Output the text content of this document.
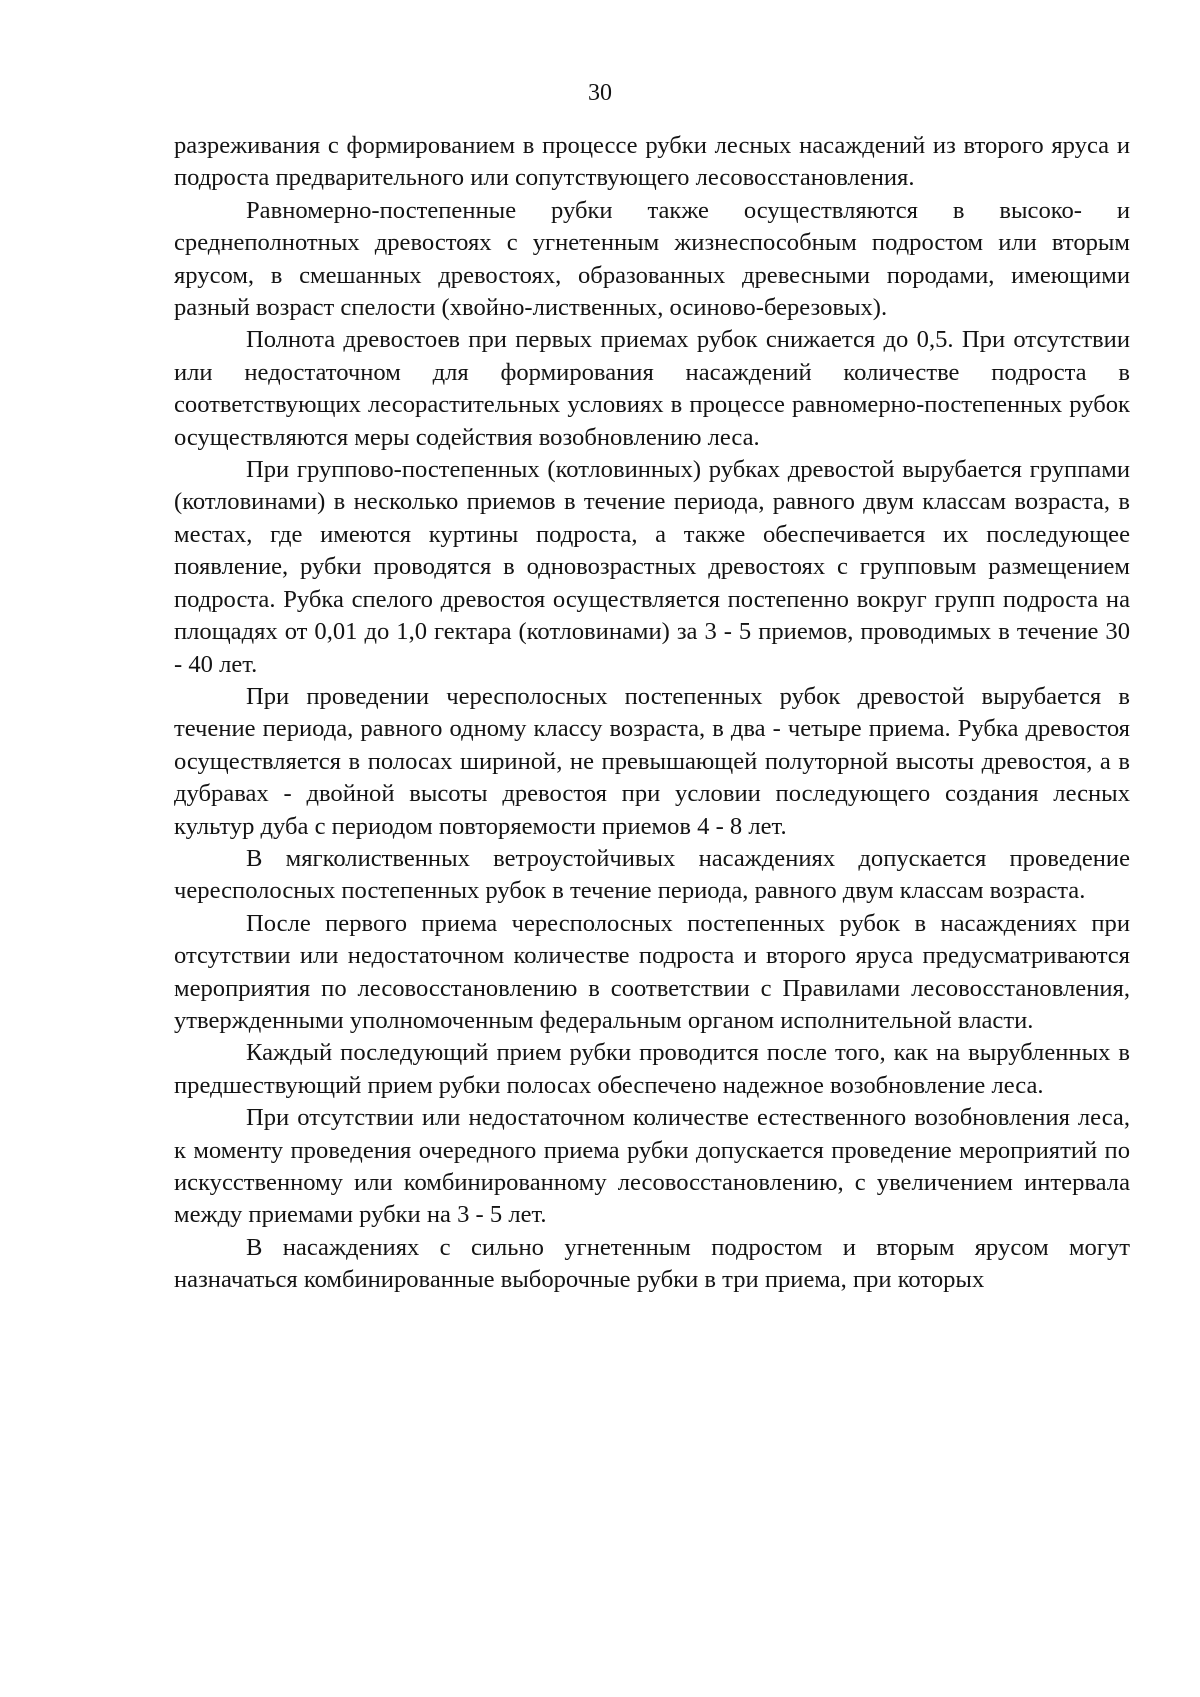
30

разреживания с формированием в процессе рубки лесных насаждений из второго яруса и подроста предварительного или сопутствующего лесовосстановления.

Равномерно-постепенные рубки также осуществляются в высоко- и среднеполнотных древостоях с угнетенным жизнеспособным подростом или вторым ярусом, в смешанных древостоях, образованных древесными породами, имеющими разный возраст спелости (хвойно-лиственных, осиново-березовых).

Полнота древостоев при первых приемах рубок снижается до 0,5. При отсутствии или недостаточном для формирования насаждений количестве подроста в соответствующих лесорастительных условиях в процессе равномерно-постепенных рубок осуществляются меры содействия возобновлению леса.

При группово-постепенных (котловинных) рубках древостой вырубается группами (котловинами) в несколько приемов в течение периода, равного двум классам возраста, в местах, где имеются куртины подроста, а также обеспечивается их последующее появление, рубки проводятся в одновозрастных древостоях с групповым размещением подроста. Рубка спелого древостоя осуществляется постепенно вокруг групп подроста на площадях от 0,01 до 1,0 гектара (котловинами) за 3 - 5 приемов, проводимых в течение 30 - 40 лет.

При проведении чересполосных постепенных рубок древостой вырубается в течение периода, равного одному классу возраста, в два - четыре приема. Рубка древостоя осуществляется в полосах шириной, не превышающей полуторной высоты древостоя, а в дубравах - двойной высоты древостоя при условии последующего создания лесных культур дуба с периодом повторяемости приемов 4 - 8 лет.

В мягколиственных ветроустойчивых насаждениях допускается проведение чересполосных постепенных рубок в течение периода, равного двум классам возраста.

После первого приема чересполосных постепенных рубок в насаждениях при отсутствии или недостаточном количестве подроста и второго яруса предусматриваются мероприятия по лесовосстановлению в соответствии с Правилами лесовосстановления, утвержденными уполномоченным федеральным органом исполнительной власти.

Каждый последующий прием рубки проводится после того, как на вырубленных в предшествующий прием рубки полосах обеспечено надежное возобновление леса.

При отсутствии или недостаточном количестве естественного возобновления леса, к моменту проведения очередного приема рубки допускается проведение мероприятий по искусственному или комбинированному лесовосстановлению, с увеличением интервала между приемами рубки на 3 - 5 лет.

В насаждениях с сильно угнетенным подростом и вторым ярусом могут назначаться комбинированные выборочные рубки в три приема, при которых
